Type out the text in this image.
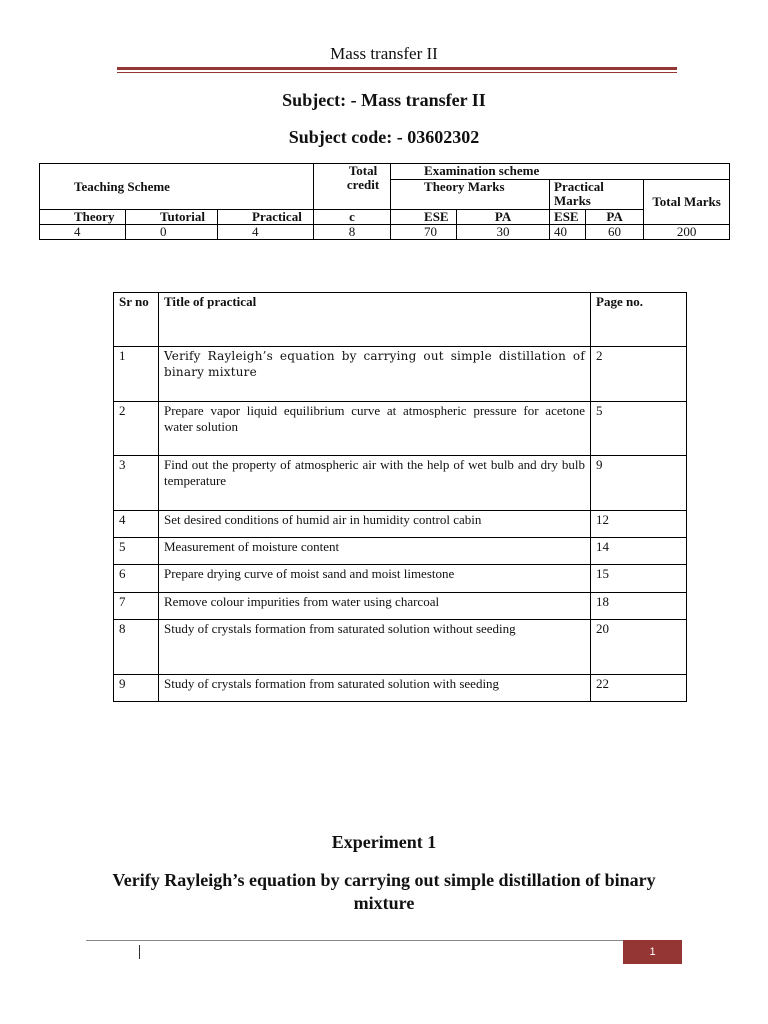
Mass transfer II
Subject: - Mass transfer II
Subject code: - 03602302
Teaching Scheme			Total credit	Examination scheme				
				Theory Marks		Practical Marks		Total Marks
Theory	Tutorial	Practical	c	ESE	PA	ESE	PA	
4	0	4	8	70	30	40	60	200
Sr no	Title of practical	Page no.
1	Verify Rayleigh’s equation by carrying out simple distillation of binary mixture	2
2	Prepare vapor liquid equilibrium curve at atmospheric pressure for acetone water solution	5
3	Find out the property of atmospheric air with the help of wet bulb and dry bulb temperature	9
4	Set desired conditions of humid air in humidity control cabin	12
5	Measurement of moisture content	14
6	Prepare drying curve of moist sand and moist limestone	15
7	Remove colour impurities from water using charcoal	18
8	Study of crystals formation from saturated solution without seeding	20
9	Study of crystals formation from saturated solution with seeding	22
Experiment 1
Verify Rayleigh’s equation by carrying out simple distillation of binary mixture
1
